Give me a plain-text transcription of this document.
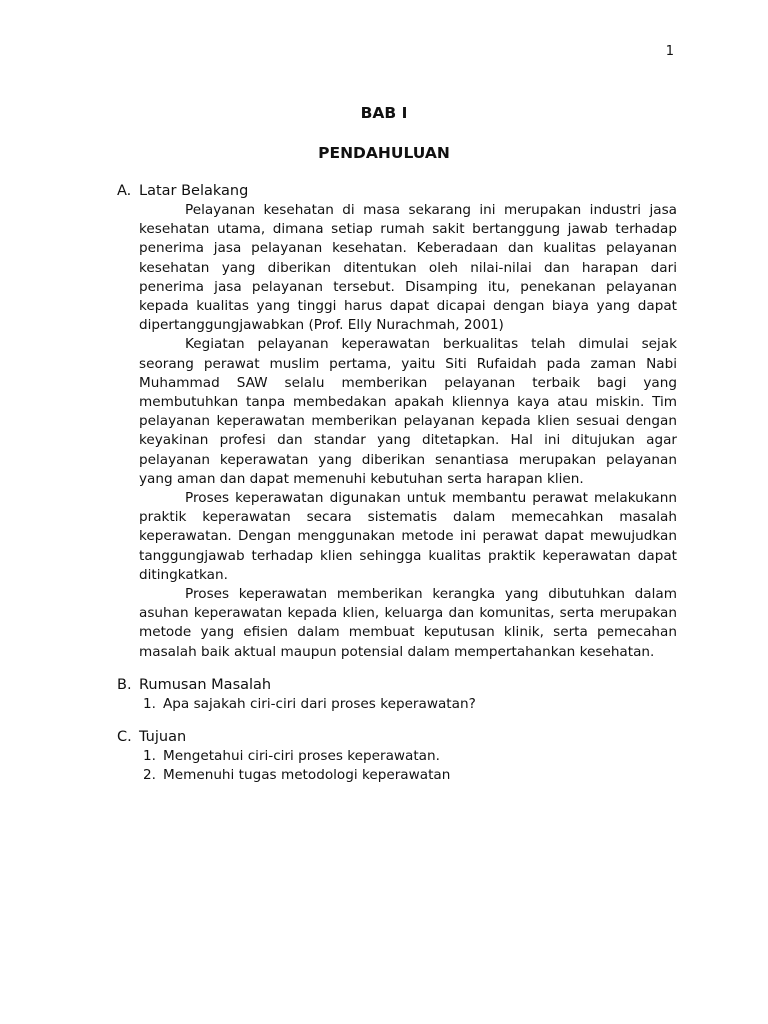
1
BAB I
PENDAHULUAN

A. Latar Belakang

Pelayanan kesehatan di masa sekarang ini merupakan industri jasa kesehatan utama, dimana setiap rumah sakit bertanggung jawab terhadap penerima jasa pelayanan kesehatan. Keberadaan dan kualitas pelayanan kesehatan yang diberikan ditentukan oleh nilai-nilai dan harapan dari penerima jasa pelayanan tersebut. Disamping itu, penekanan pelayanan kepada kualitas yang tinggi harus dapat dicapai dengan biaya yang dapat dipertanggungjawabkan (Prof. Elly Nurachmah, 2001)

Kegiatan pelayanan keperawatan berkualitas telah dimulai sejak seorang perawat muslim pertama, yaitu Siti Rufaidah pada zaman Nabi Muhammad SAW selalu memberikan pelayanan terbaik bagi yang membutuhkan tanpa membedakan apakah kliennya kaya atau miskin. Tim pelayanan keperawatan memberikan pelayanan kepada klien sesuai dengan keyakinan profesi dan standar yang ditetapkan. Hal ini ditujukan agar pelayanan keperawatan yang diberikan senantiasa merupakan pelayanan yang aman dan dapat memenuhi kebutuhan serta harapan klien.

Proses keperawatan digunakan untuk membantu perawat melakukann praktik keperawatan secara sistematis dalam memecahkan masalah keperawatan. Dengan menggunakan metode ini perawat dapat mewujudkan tanggungjawab terhadap klien sehingga kualitas praktik keperawatan dapat ditingkatkan.

Proses keperawatan memberikan kerangka yang dibutuhkan dalam asuhan keperawatan kepada klien, keluarga dan komunitas, serta merupakan metode yang efisien dalam membuat keputusan klinik, serta pemecahan masalah baik aktual maupun potensial dalam mempertahankan kesehatan.

B. Rumusan Masalah

1. Apa sajakah ciri-ciri dari proses keperawatan?

C. Tujuan

1. Mengetahui ciri-ciri proses keperawatan.
2. Memenuhi tugas metodologi keperawatan
